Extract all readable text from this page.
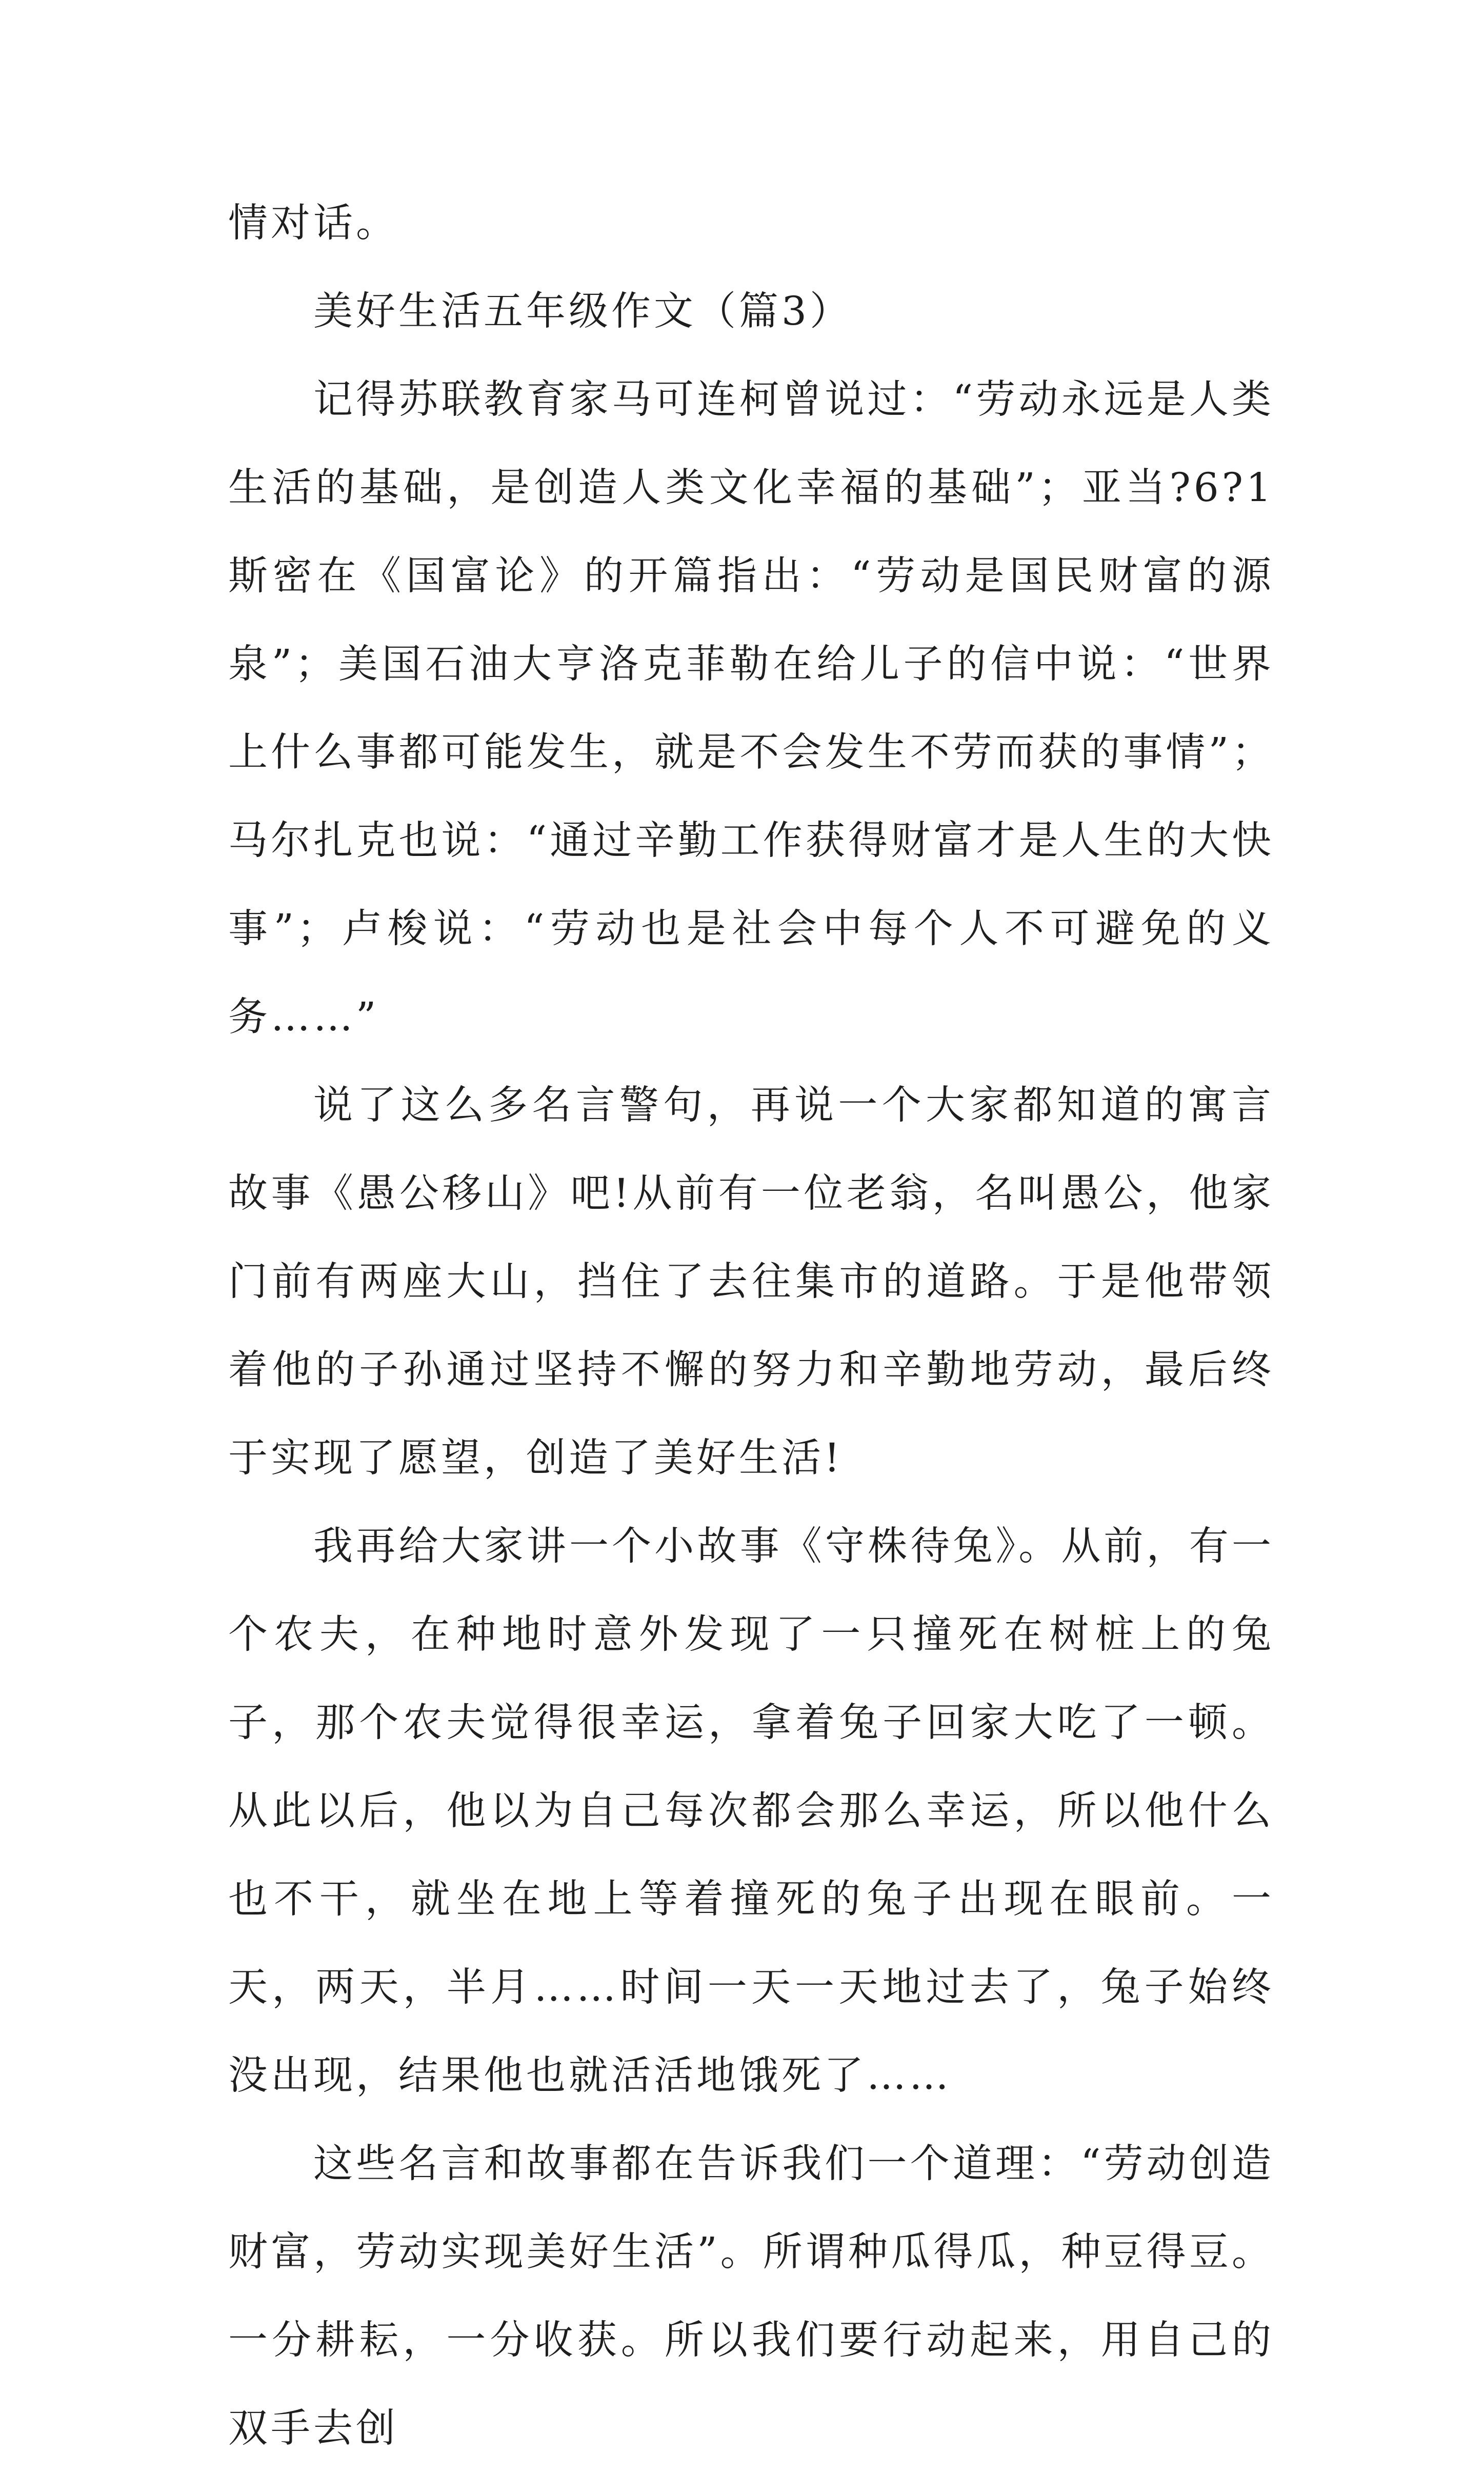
情对话。

美好生活五年级作文（篇3）

记得苏联教育家马可连柯曾说过：“劳动永远是人类生活的基础，是创造人类文化幸福的基础”；亚当?6?1斯密在《国富论》的开篇指出：“劳动是国民财富的源泉”；美国石油大亨洛克菲勒在给儿子的信中说：“世界上什么事都可能发生，就是不会发生不劳而获的事情”；马尔扎克也说：“通过辛勤工作获得财富才是人生的大快事”；卢梭说：“劳动也是社会中每个人不可避免的义务……”

说了这么多名言警句，再说一个大家都知道的寓言故事《愚公移山》吧!从前有一位老翁，名叫愚公，他家门前有两座大山，挡住了去往集市的道路。于是他带领着他的子孙通过坚持不懈的努力和辛勤地劳动，最后终于实现了愿望，创造了美好生活!

我再给大家讲一个小故事《守株待兔》。从前，有一个农夫，在种地时意外发现了一只撞死在树桩上的兔子，那个农夫觉得很幸运，拿着兔子回家大吃了一顿。从此以后，他以为自己每次都会那么幸运，所以他什么也不干，就坐在地上等着撞死的兔子出现在眼前。一天，两天，半月……时间一天一天地过去了，兔子始终没出现，结果他也就活活地饿死了……

这些名言和故事都在告诉我们一个道理：“劳动创造财富，劳动实现美好生活”。所谓种瓜得瓜，种豆得豆。一分耕耘，一分收获。所以我们要行动起来，用自己的双手去创
